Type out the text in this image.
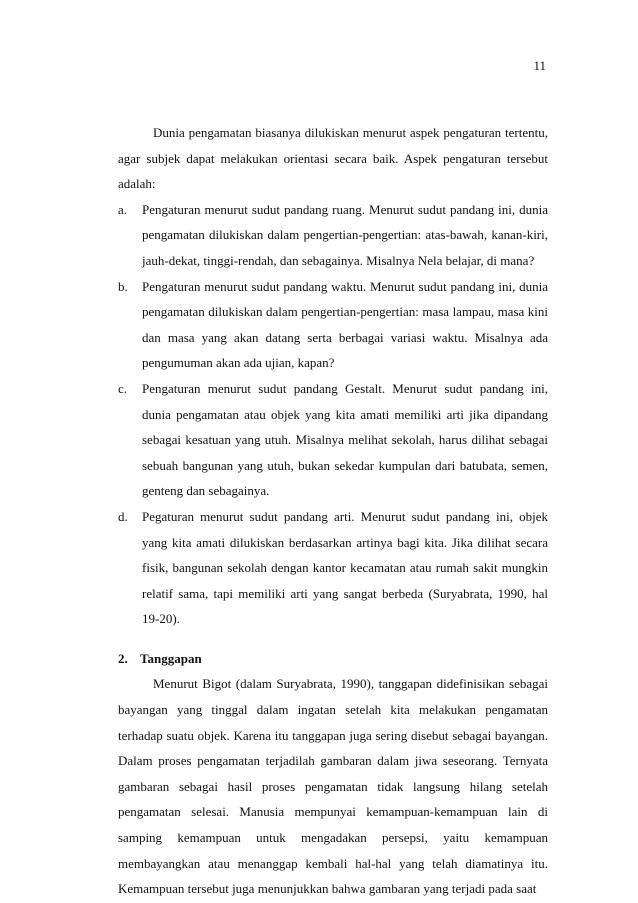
11

Dunia pengamatan biasanya dilukiskan menurut aspek pengaturan tertentu, agar subjek dapat melakukan orientasi secara baik. Aspek pengaturan tersebut adalah:

a. Pengaturan menurut sudut pandang ruang. Menurut sudut pandang ini, dunia pengamatan dilukiskan dalam pengertian-pengertian: atas-bawah, kanan-kiri, jauh-dekat, tinggi-rendah, dan sebagainya. Misalnya Nela belajar, di mana?
b. Pengaturan menurut sudut pandang waktu. Menurut sudut pandang ini, dunia pengamatan dilukiskan dalam pengertian-pengertian: masa lampau, masa kini dan masa yang akan datang serta berbagai variasi waktu. Misalnya ada pengumuman akan ada ujian, kapan?
c. Pengaturan menurut sudut pandang Gestalt. Menurut sudut pandang ini, dunia pengamatan atau objek yang kita amati memiliki arti jika dipandang sebagai kesatuan yang utuh. Misalnya melihat sekolah, harus dilihat sebagai sebuah bangunan yang utuh, bukan sekedar kumpulan dari batubata, semen, genteng dan sebagainya.
d. Pegaturan menurut sudut pandang arti. Menurut sudut pandang ini, objek yang kita amati dilukiskan berdasarkan artinya bagi kita. Jika dilihat secara fisik, bangunan sekolah dengan kantor kecamatan atau rumah sakit mungkin relatif sama, tapi memiliki arti yang sangat berbeda (Suryabrata, 1990, hal 19-20).

2. Tanggapan

Menurut Bigot (dalam Suryabrata, 1990), tanggapan didefinisikan sebagai bayangan yang tinggal dalam ingatan setelah kita melakukan pengamatan terhadap suatu objek. Karena itu tanggapan juga sering disebut sebagai bayangan. Dalam proses pengamatan terjadilah gambaran dalam jiwa seseorang. Ternyata gambaran sebagai hasil proses pengamatan tidak langsung hilang setelah pengamatan selesai. Manusia mempunyai kemampuan-kemampuan lain di samping kemampuan untuk mengadakan persepsi, yaitu kemampuan membayangkan atau menanggap kembali hal-hal yang telah diamatinya itu. Kemampuan tersebut juga menunjukkan bahwa gambaran yang terjadi pada saat
